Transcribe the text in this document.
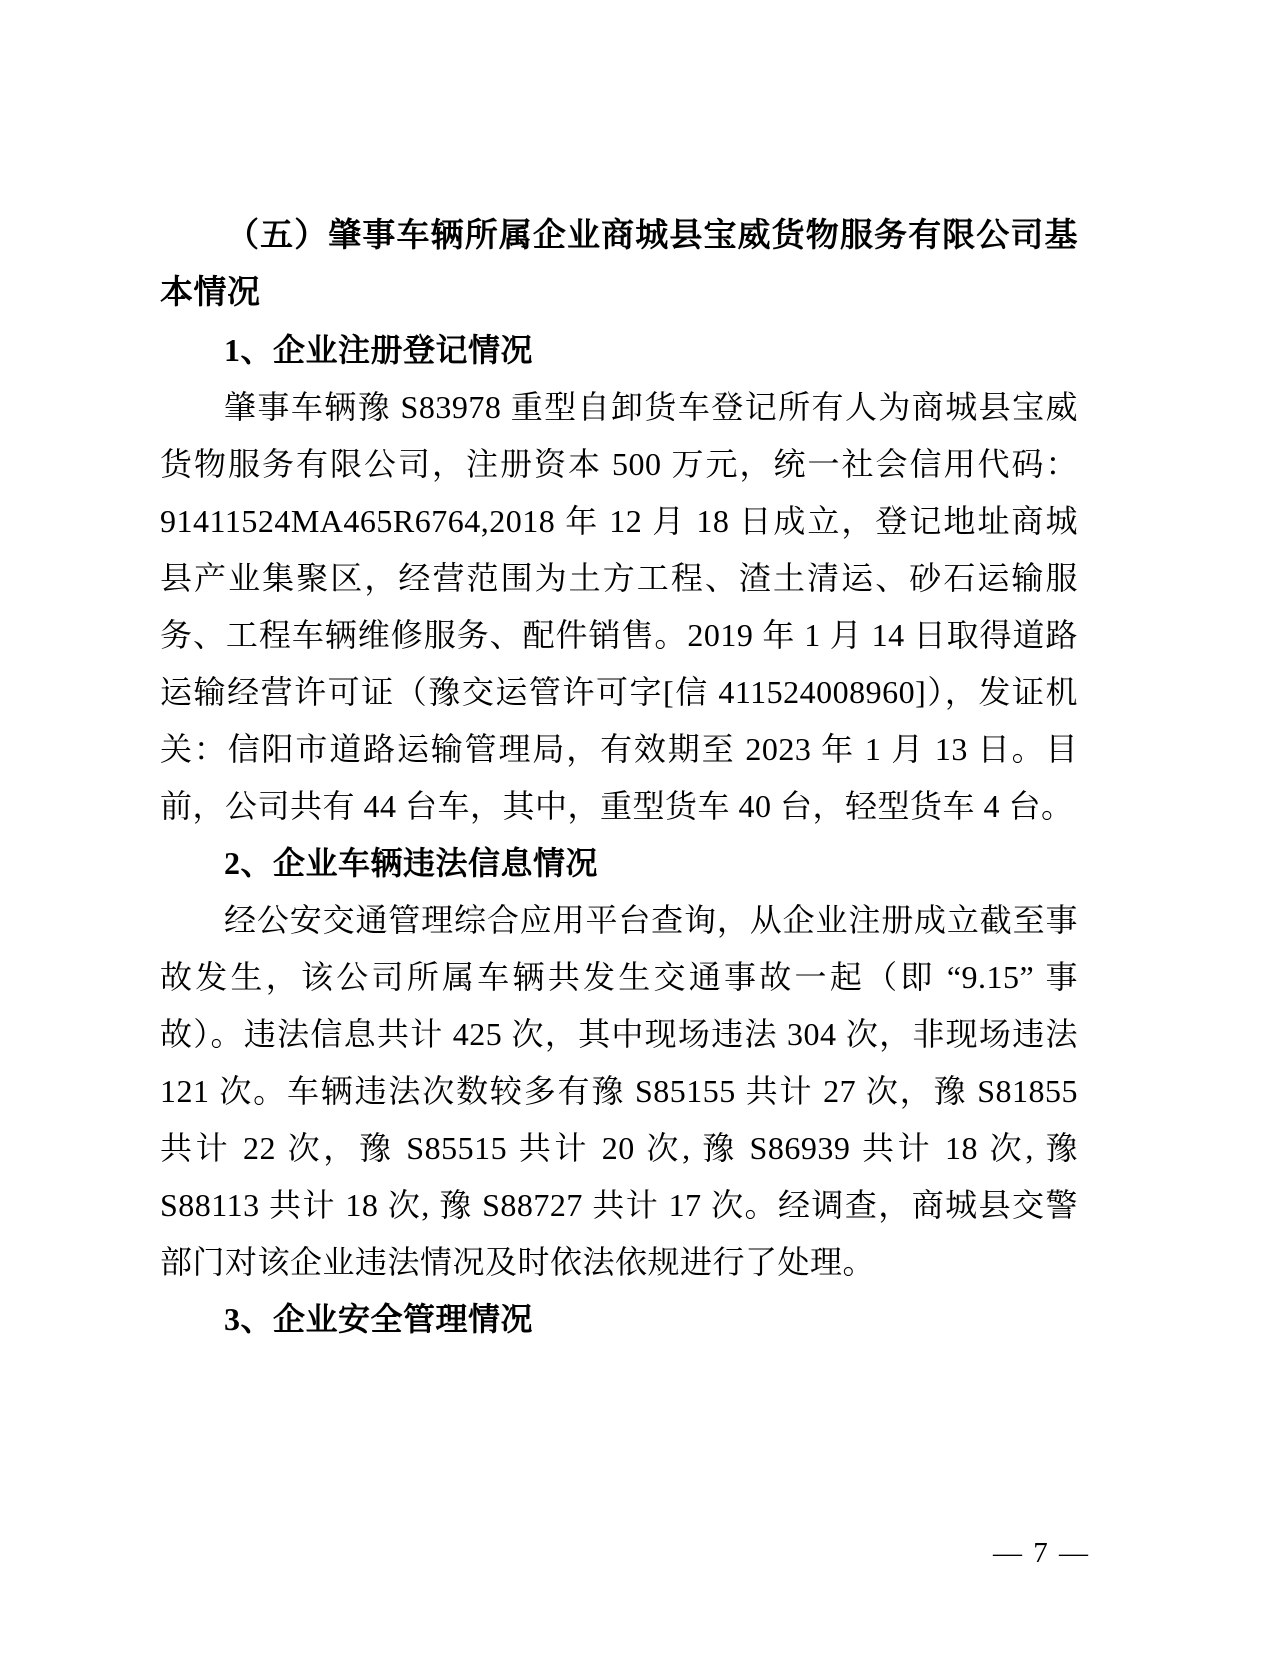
（五）肇事车辆所属企业商城县宝威货物服务有限公司基本情况
1、企业注册登记情况
肇事车辆豫 S83978 重型自卸货车登记所有人为商城县宝威货物服务有限公司，注册资本 500 万元，统一社会信用代码：91411524MA465R6764,2018 年 12 月 18 日成立，登记地址商城县产业集聚区，经营范围为土方工程、渣土清运、砂石运输服务、工程车辆维修服务、配件销售。2019 年 1 月 14 日取得道路运输经营许可证（豫交运管许可字[信 411524008960]），发证机关：信阳市道路运输管理局，有效期至 2023 年 1 月 13 日。目前，公司共有 44 台车，其中，重型货车 40 台，轻型货车 4 台。
2、企业车辆违法信息情况
经公安交通管理综合应用平台查询，从企业注册成立截至事故发生，该公司所属车辆共发生交通事故一起（即 “9.15” 事故）。违法信息共计 425 次，其中现场违法 304 次，非现场违法 121 次。车辆违法次数较多有豫 S85155 共计 27 次，豫 S81855 共计 22 次，豫 S85515 共计 20 次, 豫 S86939 共计 18 次, 豫 S88113 共计 18 次, 豫 S88727 共计 17 次。经调查，商城县交警部门对该企业违法情况及时依法依规进行了处理。
3、企业安全管理情况
— 7 —
